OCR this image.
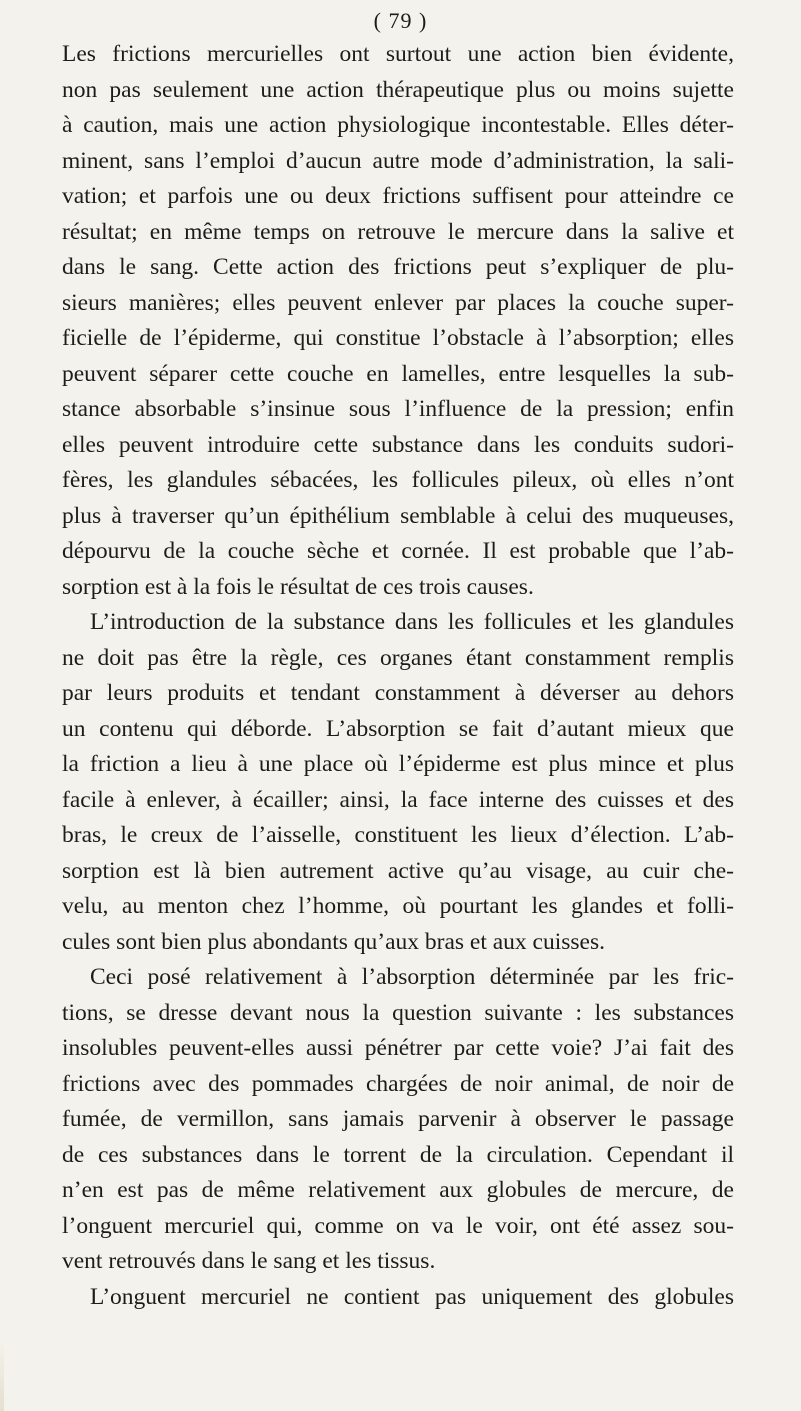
( 79 )
Les frictions mercurielles ont surtout une action bien évidente,
non pas seulement une action thérapeutique plus ou moins sujette
à caution, mais une action physiologique incontestable. Elles déter-
minent, sans l’emploi d’aucun autre mode d’administration, la sali-
vation; et parfois une ou deux frictions suffisent pour atteindre ce
résultat; en même temps on retrouve le mercure dans la salive et
dans le sang. Cette action des frictions peut s’expliquer de plu-
sieurs manières; elles peuvent enlever par places la couche super-
ficielle de l’épiderme, qui constitue l’obstacle à l’absorption; elles
peuvent séparer cette couche en lamelles, entre lesquelles la sub-
stance absorbable s’insinue sous l’influence de la pression; enfin
elles peuvent introduire cette substance dans les conduits sudori-
fères, les glandules sébacées, les follicules pileux, où elles n’ont
plus à traverser qu’un épithélium semblable à celui des muqueuses,
dépourvu de la couche sèche et cornée. Il est probable que l’ab-
sorption est à la fois le résultat de ces trois causes.
L’introduction de la substance dans les follicules et les glandules
ne doit pas être la règle, ces organes étant constamment remplis
par leurs produits et tendant constamment à déverser au dehors
un contenu qui déborde. L’absorption se fait d’autant mieux que
la friction a lieu à une place où l’épiderme est plus mince et plus
facile à enlever, à écailler; ainsi, la face interne des cuisses et des
bras, le creux de l’aisselle, constituent les lieux d’élection. L’ab-
sorption est là bien autrement active qu’au visage, au cuir che-
velu, au menton chez l’homme, où pourtant les glandes et folli-
cules sont bien plus abondants qu’aux bras et aux cuisses.
Ceci posé relativement à l’absorption déterminée par les fric-
tions, se dresse devant nous la question suivante : les substances
insolubles peuvent-elles aussi pénétrer par cette voie? J’ai fait des
frictions avec des pommades chargées de noir animal, de noir de
fumée, de vermillon, sans jamais parvenir à observer le passage
de ces substances dans le torrent de la circulation. Cependant il
n’en est pas de même relativement aux globules de mercure, de
l’onguent mercuriel qui, comme on va le voir, ont été assez sou-
vent retrouvés dans le sang et les tissus.
L’onguent mercuriel ne contient pas uniquement des globules
